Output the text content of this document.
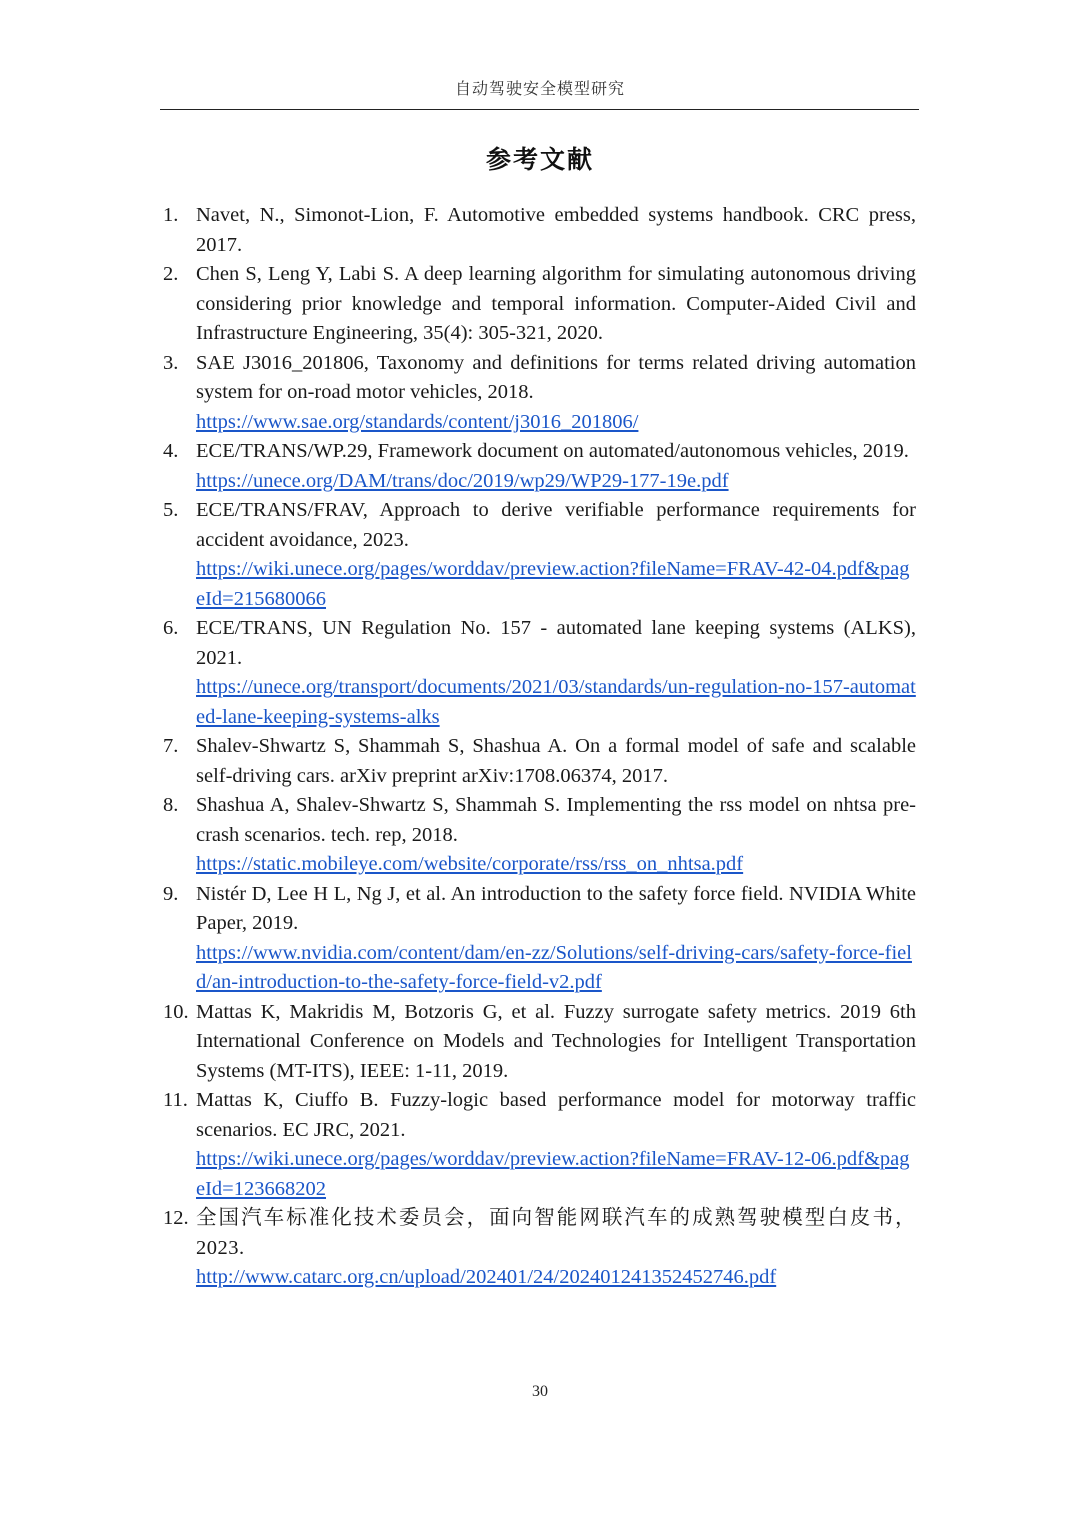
自动驾驶安全模型研究
参考文献
1. Navet, N., Simonot-Lion, F. Automotive embedded systems handbook. CRC press, 2017.
2. Chen S, Leng Y, Labi S. A deep learning algorithm for simulating autonomous driving considering prior knowledge and temporal information. Computer‐Aided Civil and Infrastructure Engineering, 35(4): 305-321, 2020.
3. SAE J3016_201806, Taxonomy and definitions for terms related driving automation system for on-road motor vehicles, 2018.
https://www.sae.org/standards/content/j3016_201806/
4. ECE/TRANS/WP.29, Framework document on automated/autonomous vehicles, 2019.
https://unece.org/DAM/trans/doc/2019/wp29/WP29-177-19e.pdf
5. ECE/TRANS/FRAV, Approach to derive verifiable performance requirements for accident avoidance, 2023.
https://wiki.unece.org/pages/worddav/preview.action?fileName=FRAV-42-04.pdf&pageId=215680066
6. ECE/TRANS, UN Regulation No. 157 - automated lane keeping systems (ALKS), 2021.
https://unece.org/transport/documents/2021/03/standards/un-regulation-no-157-automated-lane-keeping-systems-alks
7. Shalev-Shwartz S, Shammah S, Shashua A. On a formal model of safe and scalable self-driving cars. arXiv preprint arXiv:1708.06374, 2017.
8. Shashua A, Shalev-Shwartz S, Shammah S. Implementing the rss model on nhtsa pre-crash scenarios. tech. rep, 2018.
https://static.mobileye.com/website/corporate/rss/rss_on_nhtsa.pdf
9. Nistér D, Lee H L, Ng J, et al. An introduction to the safety force field. NVIDIA White Paper, 2019.
https://www.nvidia.com/content/dam/en-zz/Solutions/self-driving-cars/safety-force-field/an-introduction-to-the-safety-force-field-v2.pdf
10. Mattas K, Makridis M, Botzoris G, et al. Fuzzy surrogate safety metrics. 2019 6th International Conference on Models and Technologies for Intelligent Transportation Systems (MT-ITS), IEEE: 1-11, 2019.
11. Mattas K, Ciuffo B. Fuzzy-logic based performance model for motorway traffic scenarios. EC JRC, 2021.
https://wiki.unece.org/pages/worddav/preview.action?fileName=FRAV-12-06.pdf&pageId=123668202
12. 全国汽车标准化技术委员会，面向智能网联汽车的成熟驾驶模型白皮书，2023.
http://www.catarc.org.cn/upload/202401/24/20240124135245274​6.pdf
30
